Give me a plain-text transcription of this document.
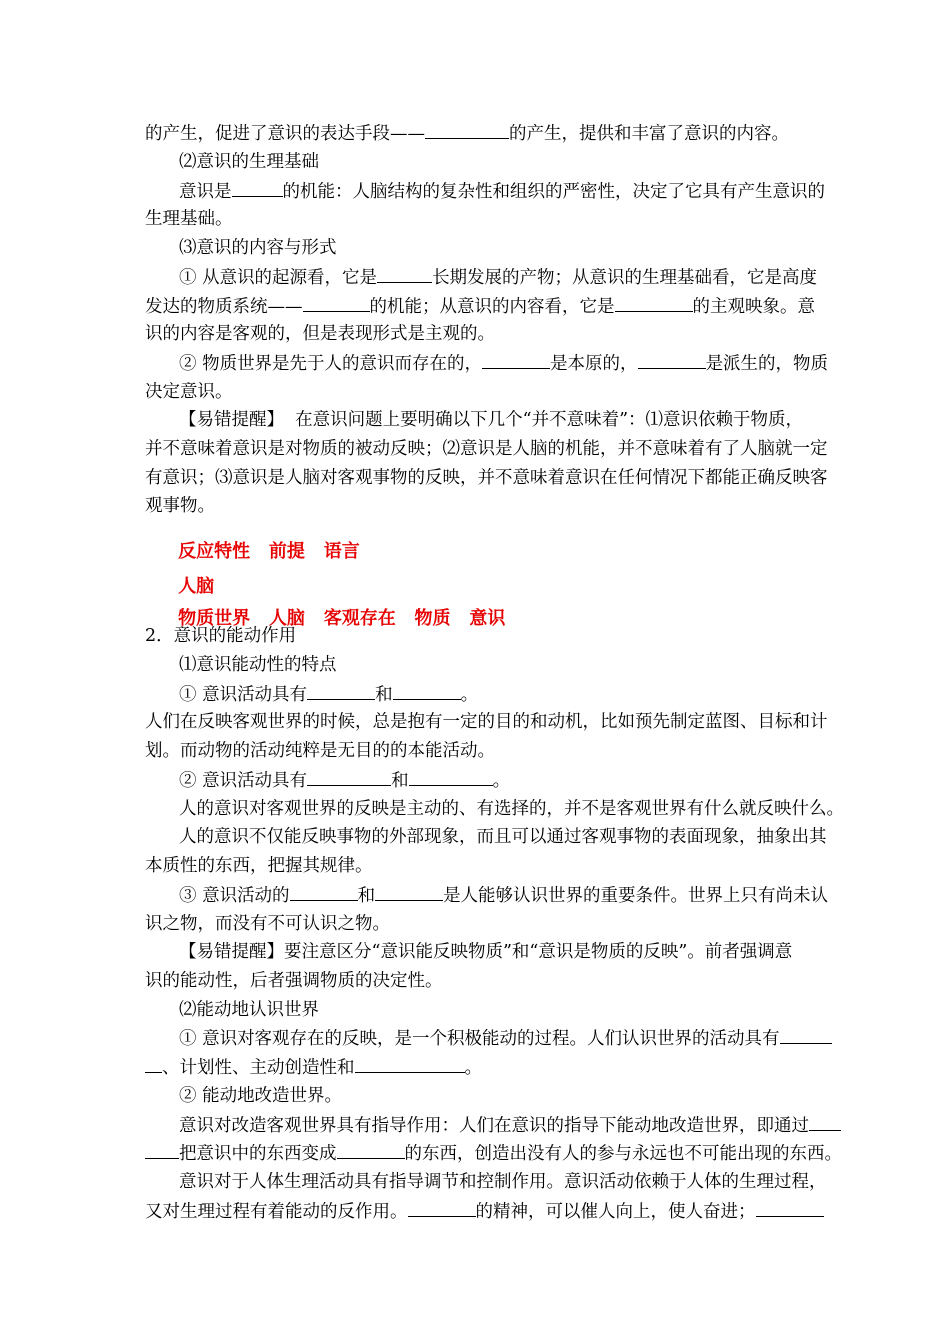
的产生，促进了意识的表达手段——	的产生，提供和丰富了意识的内容。
⑵意识的生理基础
意识是	的机能：人脑结构的复杂性和组织的严密性，决定了它具有产生意识的
生理基础。
⑶意识的内容与形式
① 从意识的起源看，它是	长期发展的产物；从意识的生理基础看，它是高度
发达的物质系统——	的机能；从意识的内容看，它是	的主观映象。意
识的内容是客观的，但是表现形式是主观的。
② 物质世界是先于人的意识而存在的，	是本原的，	是派生的，物质
决定意识。
【易错提醒】  在意识问题上要明确以下几个“并不意味着”：⑴意识依赖于物质，
并不意味着意识是对物质的被动反映；⑵意识是人脑的机能，并不意味着有了人脑就一定
有意识；⑶意识是人脑对客观事物的反映，并不意味着意识在任何情况下都能正确反映客
观事物。
2．意识的能动作用
⑴意识能动性的特点
① 意识活动具有	和	。
人们在反映客观世界的时候，总是抱有一定的目的和动机，比如预先制定蓝图、目标和计
划。而动物的活动纯粹是无目的的本能活动。
② 意识活动具有	和	。
人的意识对客观世界的反映是主动的、有选择的，并不是客观世界有什么就反映什么。
人的意识不仅能反映事物的外部现象，而且可以通过客观事物的表面现象，抽象出其
本质性的东西，把握其规律。
③ 意识活动的	和	是人能够认识世界的重要条件。世界上只有尚未认
识之物，而没有不可认识之物。
【易错提醒】要注意区分“意识能反映物质”和“意识是物质的反映”。前者强调意
识的能动性，后者强调物质的决定性。
⑵能动地认识世界
① 意识对客观存在的反映，是一个积极能动的过程。人们认识世界的活动具有
、计划性、主动创造性和	。
② 能动地改造世界。
意识对改造客观世界具有指导作用：人们在意识的指导下能动地改造世界，即通过
把意识中的东西变成	的东西，创造出没有人的参与永远也不可能出现的东西。
意识对于人体生理活动具有指导调节和控制作用。意识活动依赖于人体的生理过程，
又对生理过程有着能动的反作用。	的精神，可以催人向上，使人奋进；

反应特性 前提 语言

人脑

物质世界 人脑 客观存在 物质 意识
